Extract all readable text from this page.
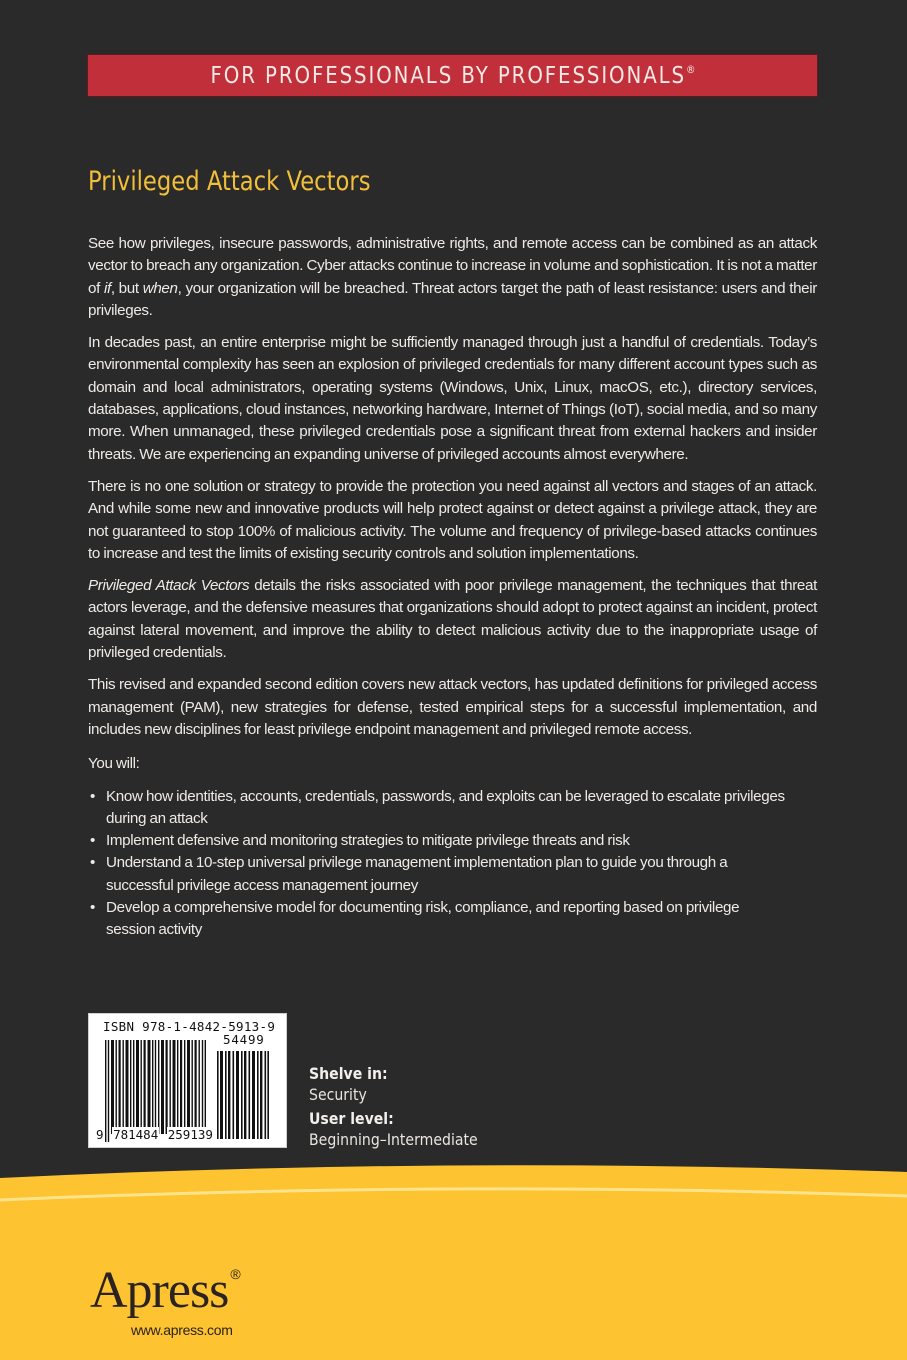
FOR PROFESSIONALS BY PROFESSIONALS®
Privileged Attack Vectors

See how privileges, insecure passwords, administrative rights, and remote access can be combined as an attack vector to breach any organization. Cyber attacks continue to increase in volume and sophistication. It is not a matter of if, but when, your organization will be breached. Threat actors target the path of least resistance: users and their privileges.

In decades past, an entire enterprise might be sufficiently managed through just a handful of credentials. Today’s environmental complexity has seen an explosion of privileged credentials for many different account types such as domain and local administrators, operating systems (Windows, Unix, Linux, macOS, etc.), directory services, databases, applications, cloud instances, networking hardware, Internet of Things (IoT), social media, and so many more. When unmanaged, these privileged credentials pose a significant threat from external hackers and insider threats. We are experiencing an expanding universe of privileged accounts almost everywhere.

There is no one solution or strategy to provide the protection you need against all vectors and stages of an attack. And while some new and innovative products will help protect against or detect against a privilege attack, they are not guaranteed to stop 100% of malicious activity. The volume and frequency of privilege-based attacks continues to increase and test the limits of existing security controls and solution implementations.

Privileged Attack Vectors details the risks associated with poor privilege management, the techniques that threat actors leverage, and the defensive measures that organizations should adopt to protect against an incident, protect against lateral movement, and improve the ability to detect malicious activity due to the inappropriate usage of privileged credentials.

This revised and expanded second edition covers new attack vectors, has updated definitions for privileged access management (PAM), new strategies for defense, tested empirical steps for a successful implementation, and includes new disciplines for least privilege endpoint management and privileged remote access.

You will:

• Know how identities, accounts, credentials, passwords, and exploits can be leveraged to escalate privileges during an attack
• Implement defensive and monitoring strategies to mitigate privilege threats and risk
• Understand a 10-step universal privilege management implementation plan to guide you through a successful privilege access management journey
• Develop a comprehensive model for documenting risk, compliance, and reporting based on privilege session activity
ISBN 978-1-4842-5913-9
54499
9 781484 259139
Shelve in:
Security
User level:
Beginning–Intermediate
Apress ®
www.apress.com
